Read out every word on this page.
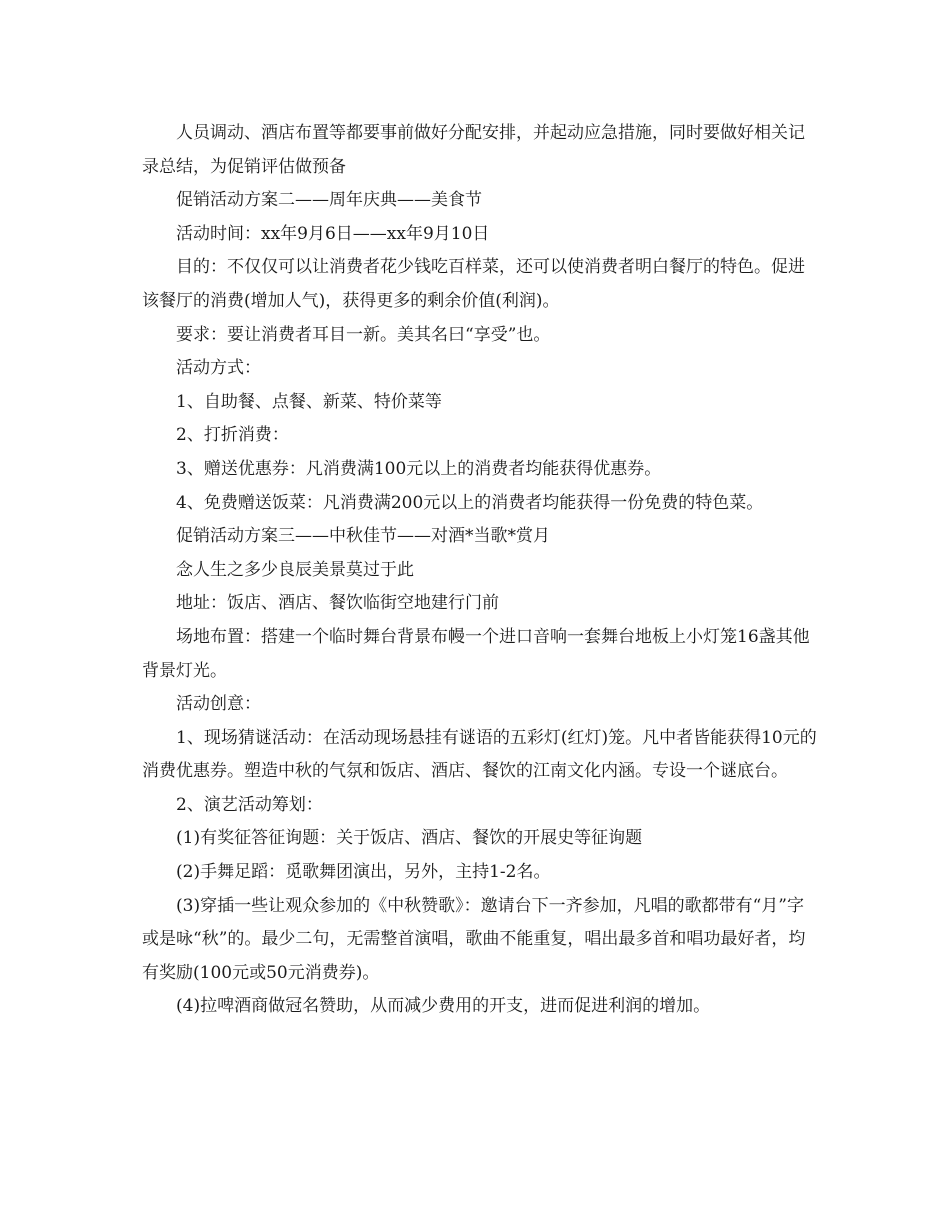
人员调动、酒店布置等都要事前做好分配安排，并起动应急措施，同时要做好相关记录总结，为促销评估做预备

促销活动方案二——周年庆典——美食节

活动时间：xx年9月6日——xx年9月10日

目的：不仅仅可以让消费者花少钱吃百样菜，还可以使消费者明白餐厅的特色。促进该餐厅的消费(增加人气)，获得更多的剩余价值(利润)。

要求：要让消费者耳目一新。美其名曰“享受”也。

活动方式：

1、自助餐、点餐、新菜、特价菜等

2、打折消费：

3、赠送优惠券：凡消费满100元以上的消费者均能获得优惠券。

4、免费赠送饭菜：凡消费满200元以上的消费者均能获得一份免费的特色菜。

促销活动方案三——中秋佳节——对酒*当歌*赏月

念人生之多少良辰美景莫过于此

地址：饭店、酒店、餐饮临街空地建行门前

场地布置：搭建一个临时舞台背景布幔一个进口音响一套舞台地板上小灯笼16盏其他背景灯光。

活动创意：

1、现场猜谜活动：在活动现场悬挂有谜语的五彩灯(红灯)笼。凡中者皆能获得10元的消费优惠券。塑造中秋的气氛和饭店、酒店、餐饮的江南文化内涵。专设一个谜底台。

2、演艺活动筹划：

(1)有奖征答征询题：关于饭店、酒店、餐饮的开展史等征询题

(2)手舞足蹈：觅歌舞团演出，另外，主持1-2名。

(3)穿插一些让观众参加的《中秋赞歌》：邀请台下一齐参加，凡唱的歌都带有“月”字或是咏“秋”的。最少二句，无需整首演唱，歌曲不能重复，唱出最多首和唱功最好者，均有奖励(100元或50元消费券)。

(4)拉啤酒商做冠名赞助，从而减少费用的开支，进而促进利润的增加。
